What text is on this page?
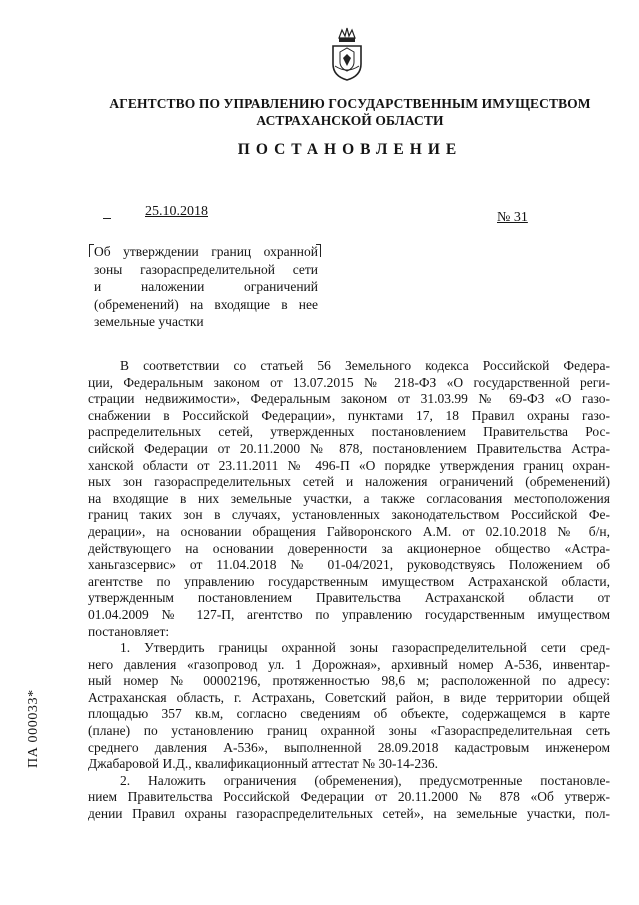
АГЕНТСТВО ПО УПРАВЛЕНИЮ ГОСУДАРСТВЕННЫМ ИМУЩЕСТВОМ
АСТРАХАНСКОЙ ОБЛАСТИ
ПОСТАНОВЛЕНИЕ
25.10.2018	№ 31
Об утверждении границ охранной
зоны газораспределительной сети
и наложении ограничений
(обременений) на входящие в нее
земельные участки
В соответствии со статьей 56 Земельного кодекса Российской Федера-
ции, Федеральным законом от 13.07.2015 № 218-ФЗ «О государственной реги-
страции недвижимости», Федеральным законом от 31.03.99 № 69-ФЗ «О газо-
снабжении в Российской Федерации», пунктами 17, 18 Правил охраны газо-
распределительных сетей, утвержденных постановлением Правительства Рос-
сийской Федерации от 20.11.2000 № 878, постановлением Правительства Астра-
ханской области от 23.11.2011 № 496-П «О порядке утверждения границ охран-
ных зон газораспределительных сетей и наложения ограничений (обременений)
на входящие в них земельные участки, а также согласования местоположения
границ таких зон в случаях, установленных законодательством Российской Фе-
дерации», на основании обращения Гайворонского А.М. от 02.10.2018 № б/н,
действующего на основании доверенности за акционерное общество «Астра-
ханьгазсервис» от 11.04.2018 № 01-04/2021, руководствуясь Положением об
агентстве по управлению государственным имуществом Астраханской области,
утвержденным постановлением Правительства Астраханской области от
01.04.2009 № 127-П, агентство по управлению государственным имуществом
постановляет:
1. Утвердить границы охранной зоны газораспределительной сети сред-
него давления «газопровод ул. 1 Дорожная», архивный номер А-536, инвентар-
ный номер № 00002196, протяженностью 98,6 м; расположенной по адресу:
Астраханская область, г. Астрахань, Советский район, в виде территории общей
площадью 357 кв.м, согласно сведениям об объекте, содержащемся в карте
(плане) по установлению границ охранной зоны «Газораспределительная сеть
среднего давления А-536», выполненной 28.09.2018 кадастровым инженером
Джабаровой И.Д., квалификационный аттестат № 30-14-236.
2. Наложить ограничения (обременения), предусмотренные постановле-
нием Правительства Российской Федерации от 20.11.2000 № 878 «Об утверж-
дении Правил охраны газораспределительных сетей», на земельные участки, пол-
ПА 000033*
